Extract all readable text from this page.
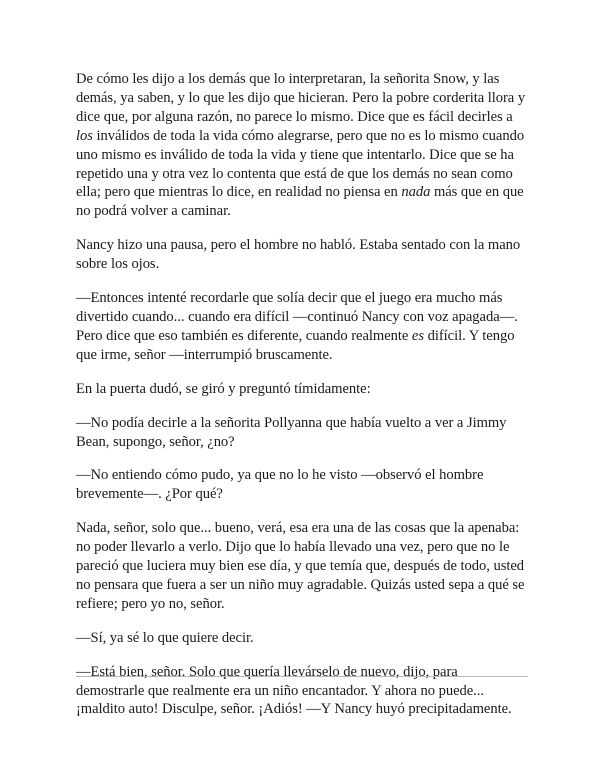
De cómo les dijo a los demás que lo interpretaran, la señorita Snow, y las demás, ya saben, y lo que les dijo que hicieran. Pero la pobre corderita llora y dice que, por alguna razón, no parece lo mismo. Dice que es fácil decirles a los inválidos de toda la vida cómo alegrarse, pero que no es lo mismo cuando uno mismo es inválido de toda la vida y tiene que intentarlo. Dice que se ha repetido una y otra vez lo contenta que está de que los demás no sean como ella; pero que mientras lo dice, en realidad no piensa en nada más que en que no podrá volver a caminar.

Nancy hizo una pausa, pero el hombre no habló. Estaba sentado con la mano sobre los ojos.

—Entonces intenté recordarle que solía decir que el juego era mucho más divertido cuando... cuando era difícil —continuó Nancy con voz apagada—. Pero dice que eso también es diferente, cuando realmente es difícil. Y tengo que irme, señor —interrumpió bruscamente.

En la puerta dudó, se giró y preguntó tímidamente:

—No podía decirle a la señorita Pollyanna que había vuelto a ver a Jimmy Bean, supongo, señor, ¿no?

—No entiendo cómo pudo, ya que no lo he visto —observó el hombre brevemente—. ¿Por qué?

Nada, señor, solo que... bueno, verá, esa era una de las cosas que la apenaba: no poder llevarlo a verlo. Dijo que lo había llevado una vez, pero que no le pareció que luciera muy bien ese día, y que temía que, después de todo, usted no pensara que fuera a ser un niño muy agradable. Quizás usted sepa a qué se refiere; pero yo no, señor.

—Sí, ya sé lo que quiere decir.

—Está bien, señor. Solo que quería llevárselo de nuevo, dijo, para demostrarle que realmente era un niño encantador. Y ahora no puede... ¡maldito auto! Disculpe, señor. ¡Adiós! —Y Nancy huyó precipitadamente.
